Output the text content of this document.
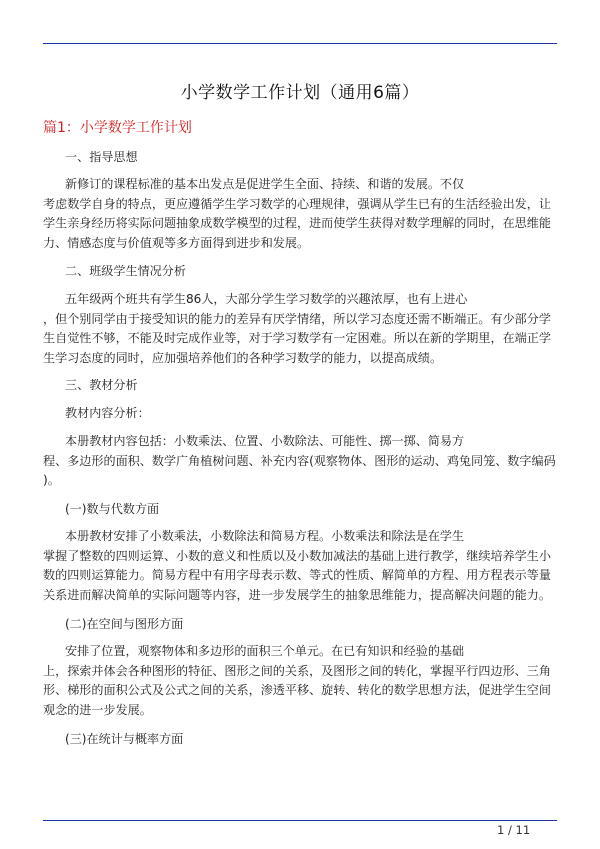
小学数学工作计划（通用6篇）
篇1：小学数学工作计划
一、指导思想
新修订的课程标准的基本出发点是促进学生全面、持续、和谐的发展。不仅
考虑数学自身的特点，更应遵循学生学习数学的心理规律，强调从学生已有的生活经验出发，让
学生亲身经历将实际问题抽象成数学模型的过程，进而使学生获得对数学理解的同时，在思维能
力、情感态度与价值观等多方面得到进步和发展。
二、班级学生情况分析
五年级两个班共有学生86人，大部分学生学习数学的兴趣浓厚，也有上进心
，但个别同学由于接受知识的能力的差异有厌学情绪，所以学习态度还需不断端正。有少部分学
生自觉性不够，不能及时完成作业等，对于学习数学有一定困难。所以在新的学期里，在端正学
生学习态度的同时，应加强培养他们的各种学习数学的能力，以提高成绩。
三、教材分析
教材内容分析：
本册教材内容包括：小数乘法、位置、小数除法、可能性、掷一掷、简易方
程、多边形的面积、数学广角植树问题、补充内容(观察物体、图形的运动、鸡兔同笼、数字编码
)。
(一)数与代数方面
本册教材安排了小数乘法，小数除法和简易方程。小数乘法和除法是在学生
掌握了整数的四则运算、小数的意义和性质以及小数加减法的基础上进行教学，继续培养学生小
数的四则运算能力。简易方程中有用字母表示数、等式的性质、解简单的方程、用方程表示等量
关系进而解决简单的实际问题等内容，进一步发展学生的抽象思维能力，提高解决问题的能力。
(二)在空间与图形方面
安排了位置，观察物体和多边形的面积三个单元。在已有知识和经验的基础
上，探索并体会各种图形的特征、图形之间的关系，及图形之间的转化，掌握平行四边形、三角
形、梯形的面积公式及公式之间的关系，渗透平移、旋转、转化的数学思想方法，促进学生空间
观念的进一步发展。
(三)在统计与概率方面
1 / 11
